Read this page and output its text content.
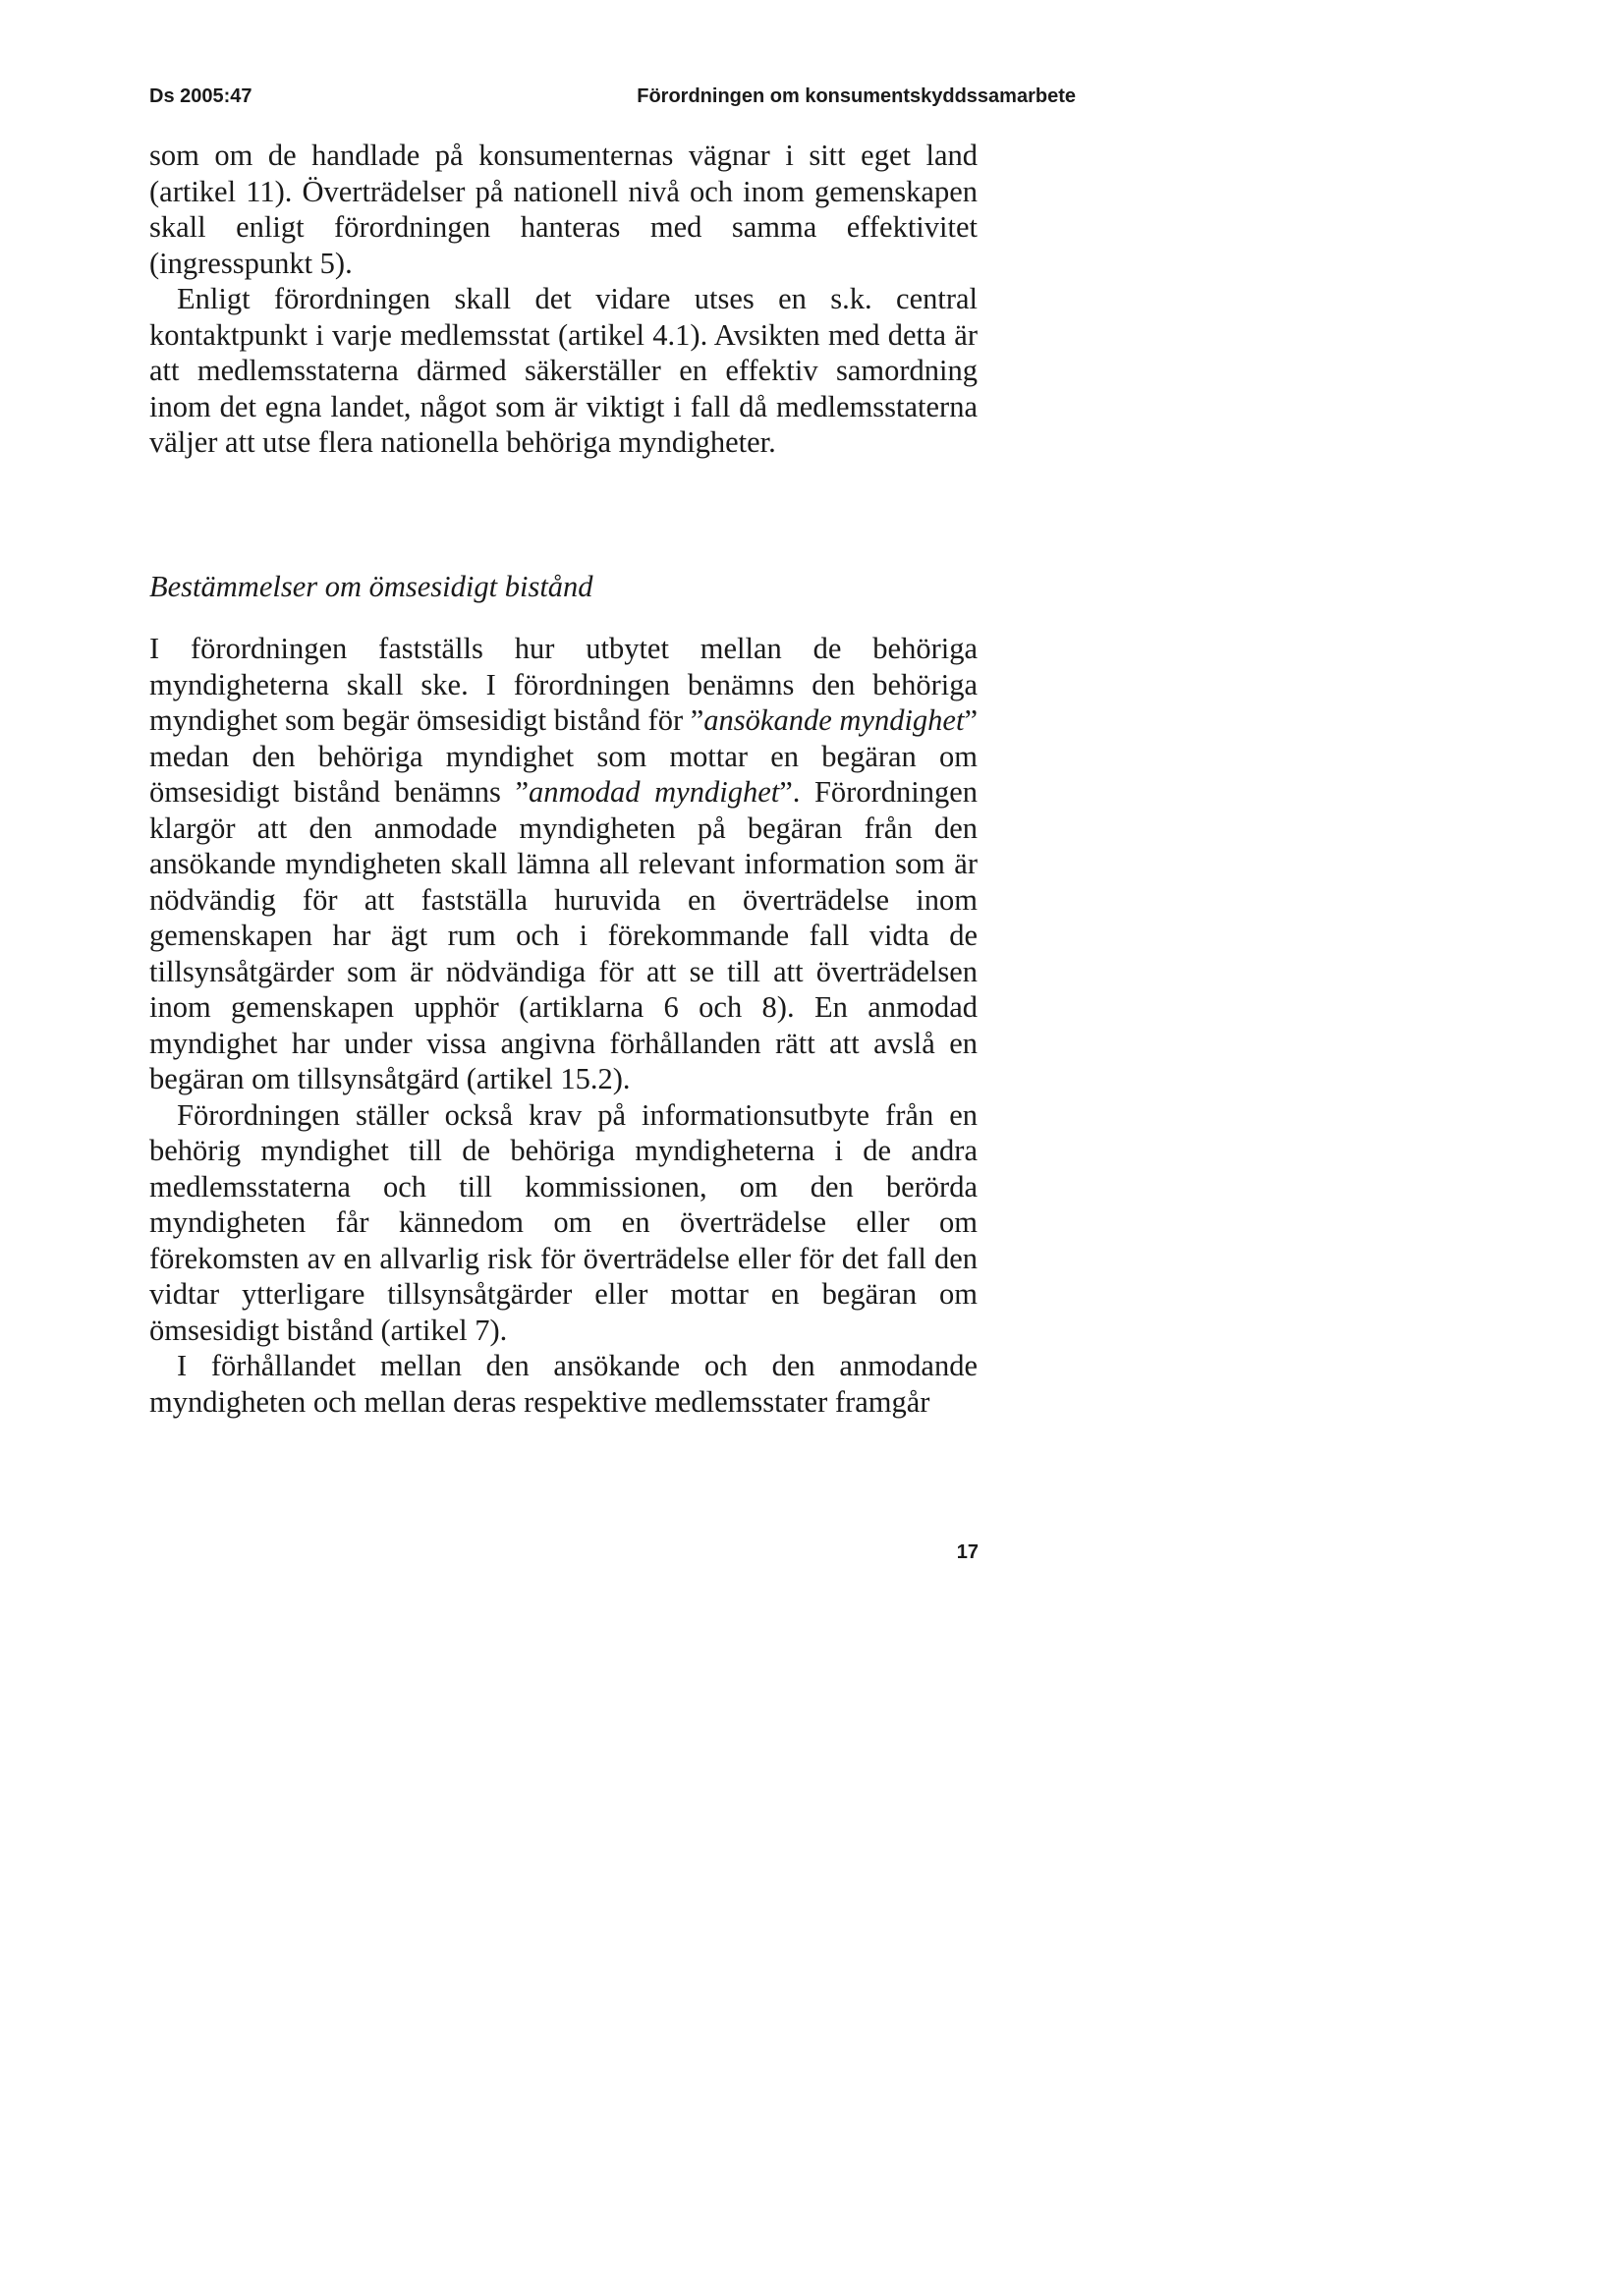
Ds 2005:47	Förordningen om konsumentskyddssamarbete

som om de handlade på konsumenternas vägnar i sitt eget land (artikel 11). Överträdelser på nationell nivå och inom gemenskapen skall enligt förordningen hanteras med samma effektivitet (ingresspunkt 5).

Enligt förordningen skall det vidare utses en s.k. central kontaktpunkt i varje medlemsstat (artikel 4.1). Avsikten med detta är att medlemsstaterna därmed säkerställer en effektiv samordning inom det egna landet, något som är viktigt i fall då medlemsstaterna väljer att utse flera nationella behöriga myndigheter.

Bestämmelser om ömsesidigt bistånd

I förordningen fastställs hur utbytet mellan de behöriga myndigheterna skall ske. I förordningen benämns den behöriga myndighet som begär ömsesidigt bistånd för ”ansökande myndighet” medan den behöriga myndighet som mottar en begäran om ömsesidigt bistånd benämns ”anmodad myndighet”. Förordningen klargör att den anmodade myndigheten på begäran från den ansökande myndigheten skall lämna all relevant information som är nödvändig för att fastställa huruvida en överträdelse inom gemenskapen har ägt rum och i förekommande fall vidta de tillsynsåtgärder som är nödvändiga för att se till att överträdelsen inom gemenskapen upphör (artiklarna 6 och 8). En anmodad myndighet har under vissa angivna förhållanden rätt att avslå en begäran om tillsynsåtgärd (artikel 15.2).

Förordningen ställer också krav på informationsutbyte från en behörig myndighet till de behöriga myndigheterna i de andra medlemsstaterna och till kommissionen, om den berörda myndigheten får kännedom om en överträdelse eller om förekomsten av en allvarlig risk för överträdelse eller för det fall den vidtar ytterligare tillsynsåtgärder eller mottar en begäran om ömsesidigt bistånd (artikel 7).

I förhållandet mellan den ansökande och den anmodande myndigheten och mellan deras respektive medlemsstater framgår

17
